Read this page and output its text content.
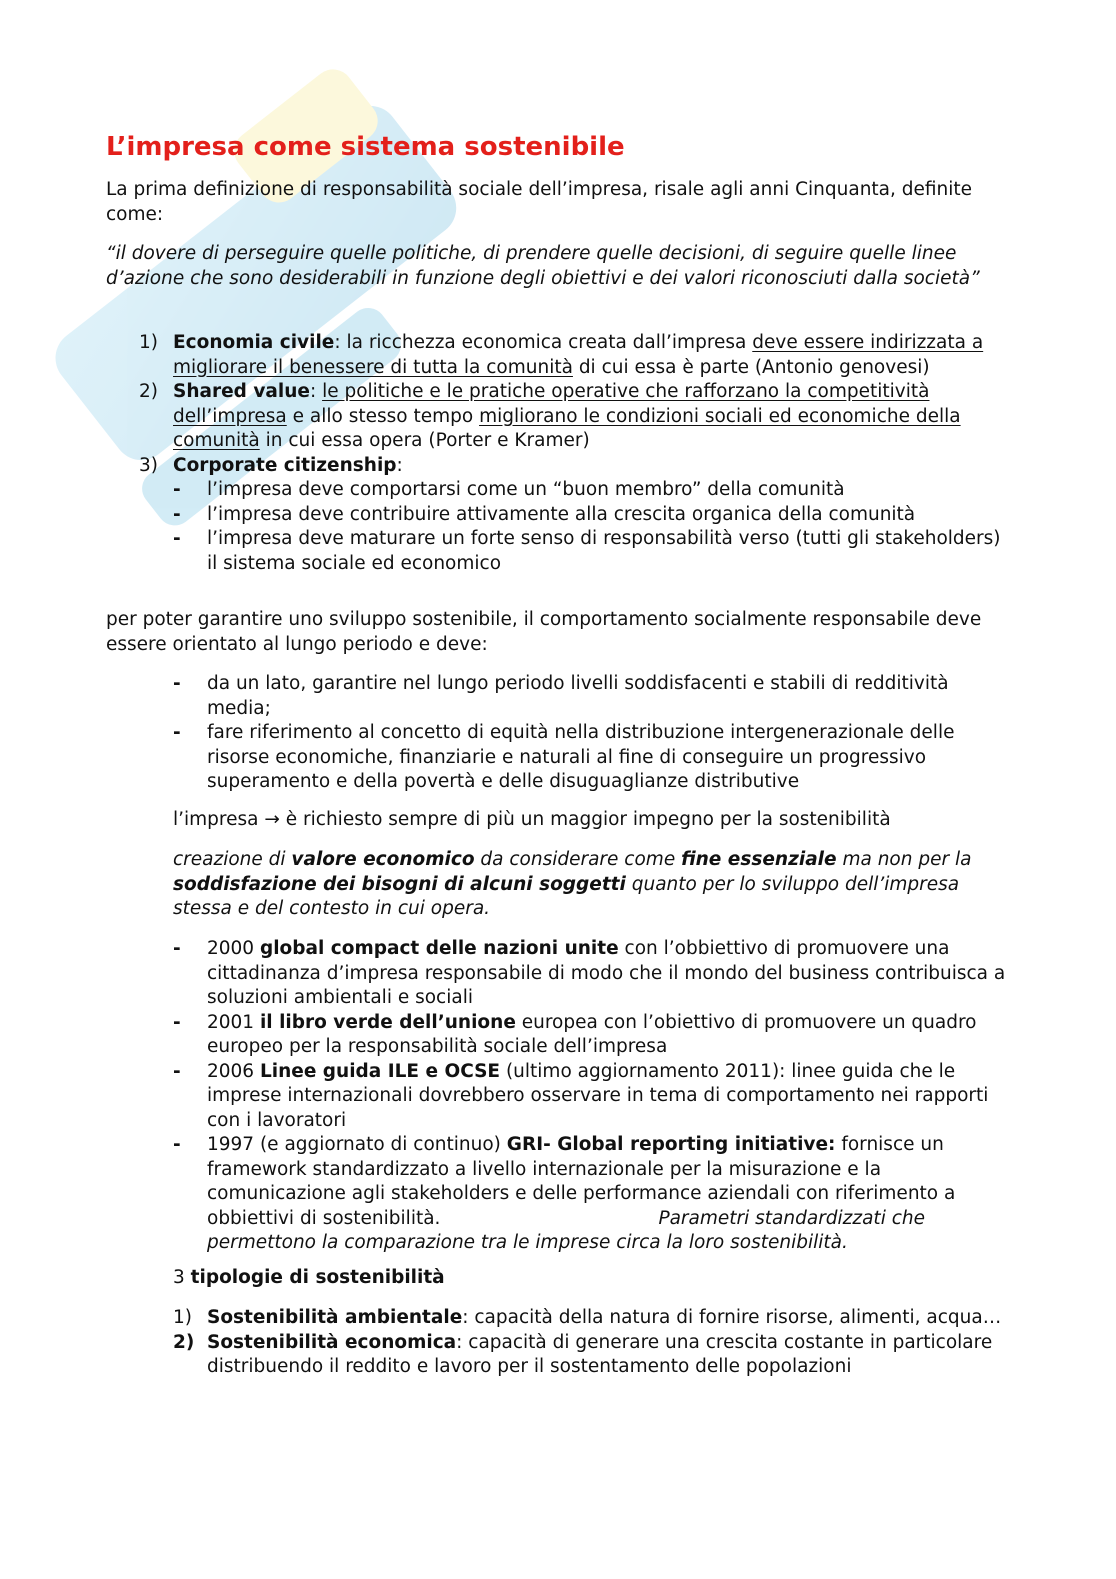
L’impresa come sistema sostenibile

La prima definizione di responsabilità sociale dell’impresa, risale agli anni Cinquanta, definite come:

“il dovere di perseguire quelle politiche, di prendere quelle decisioni, di seguire quelle linee d’azione che sono desiderabili in funzione degli obiettivi e dei valori riconosciuti dalla società”

1) Economia civile: la ricchezza economica creata dall’impresa deve essere indirizzata a migliorare il benessere di tutta la comunità di cui essa è parte (Antonio genovesi)
2) Shared value: le politiche e le pratiche operative che rafforzano la competitività dell’impresa e allo stesso tempo migliorano le condizioni sociali ed economiche della comunità in cui essa opera (Porter e Kramer)
3) Corporate citizenship:
-	l’impresa deve comportarsi come un “buon membro” della comunità
-	l’impresa deve contribuire attivamente alla crescita organica della comunità
-	l’impresa deve maturare un forte senso di responsabilità verso (tutti gli stakeholders) il sistema sociale ed economico

per poter garantire uno sviluppo sostenibile, il comportamento socialmente responsabile deve essere orientato al lungo periodo e deve:

-	da un lato, garantire nel lungo periodo livelli soddisfacenti e stabili di redditività media;
-	fare riferimento al concetto di equità nella distribuzione intergenerazionale delle risorse economiche, finanziarie e naturali al fine di conseguire un progressivo superamento e della povertà e delle disuguaglianze distributive

l’impresa → è richiesto sempre di più un maggior impegno per la sostenibilità

creazione di valore economico da considerare come fine essenziale ma non per la soddisfazione dei bisogni di alcuni soggetti quanto per lo sviluppo dell’impresa stessa e del contesto in cui opera.

-	2000 global compact delle nazioni unite con l’obbiettivo di promuovere una cittadinanza d’impresa responsabile di modo che il mondo del business contribuisca a soluzioni ambientali e sociali
-	2001 il libro verde dell’unione europea con l’obiettivo di promuovere un quadro europeo per la responsabilità sociale dell’impresa
-	2006 Linee guida ILE e OCSE (ultimo aggiornamento 2011): linee guida che le imprese internazionali dovrebbero osservare in tema di comportamento nei rapporti con i lavoratori
-	1997 (e aggiornato di continuo) GRI- Global reporting initiative: fornisce un framework standardizzato a livello internazionale per la misurazione e la comunicazione agli stakeholders e delle performance aziendali con riferimento a obbiettivi di sostenibilità.	Parametri standardizzati che permettono la comparazione tra le imprese circa la loro sostenibilità.

3 tipologie di sostenibilità

1) Sostenibilità ambientale: capacità della natura di fornire risorse, alimenti, acqua…
2) Sostenibilità economica: capacità di generare una crescita costante in particolare distribuendo il reddito e lavoro per il sostentamento delle popolazioni
